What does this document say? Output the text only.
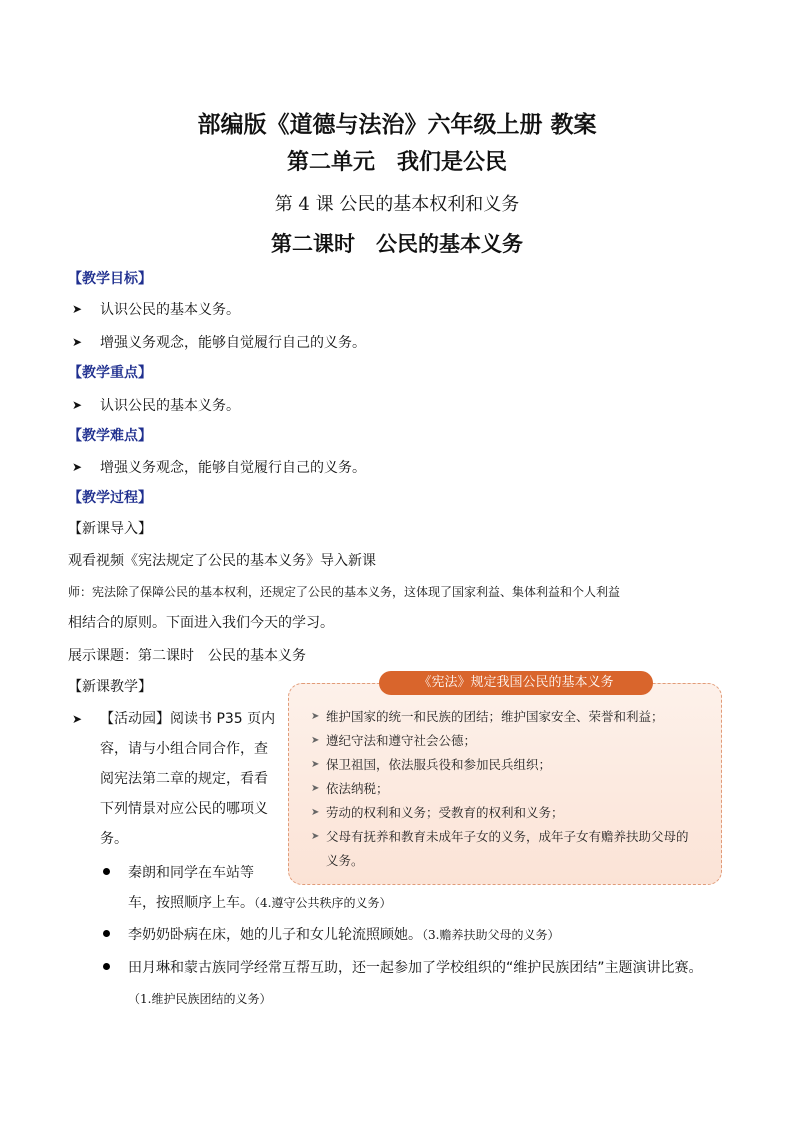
部编版《道德与法治》六年级上册 教案
第二单元　我们是公民
第 4 课 公民的基本权利和义务
第二课时　公民的基本义务
【教学目标】
➤ 认识公民的基本义务。
➤ 增强义务观念，能够自觉履行自己的义务。
【教学重点】
➤ 认识公民的基本义务。
【教学难点】
➤ 增强义务观念，能够自觉履行自己的义务。
【教学过程】
【新课导入】
观看视频《宪法规定了公民的基本义务》导入新课
师：宪法除了保障公民的基本权利，还规定了公民的基本义务，这体现了国家利益、集体利益和个人利益
相结合的原则。下面进入我们今天的学习。
展示课题：第二课时　公民的基本义务
【新课教学】
➤ 【活动园】阅读书 P35 页内
容，请与小组合同合作，查
阅宪法第二章的规定，看看
下列情景对应公民的哪项义
务。
秦朗和同学在车站等
车，按照顺序上车。（4.遵守公共秩序的义务）
李奶奶卧病在床，她的儿子和女儿轮流照顾她。（3.赡养扶助父母的义务）
田月琳和蒙古族同学经常互帮互助，还一起参加了学校组织的“维护民族团结”主题演讲比赛。
（1.维护民族团结的义务）
《宪法》规定我国公民的基本义务
➤ 维护国家的统一和民族的团结；维护国家安全、荣誉和利益；
➤ 遵纪守法和遵守社会公德；
➤ 保卫祖国，依法服兵役和参加民兵组织；
➤ 依法纳税；
➤ 劳动的权利和义务；受教育的权利和义务；
➤ 父母有抚养和教育未成年子女的义务，成年子女有赡养扶助父母的
义务。
